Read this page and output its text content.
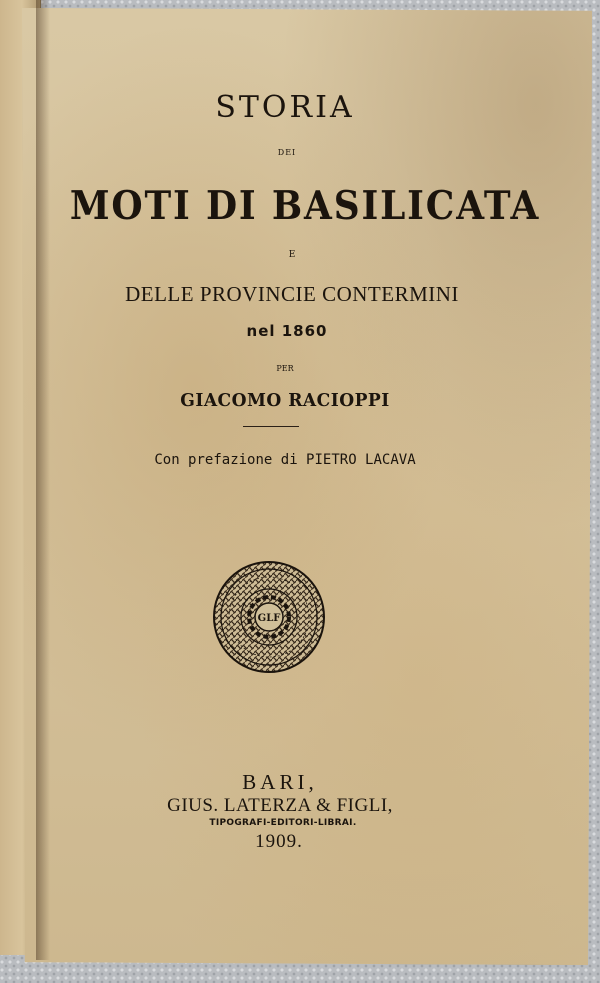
STORIA

DEI

MOTI DI BASILICATA

E

DELLE PROVINCIE CONTERMINI

nel 1860

PER

GIACOMO RACIOPPI

Con prefazione di PIETRO LACAVA

GLF

BARI,

GIUS. LATERZA & FIGLI,

TIPOGRAFI-EDITORI-LIBRAI.

1909.
